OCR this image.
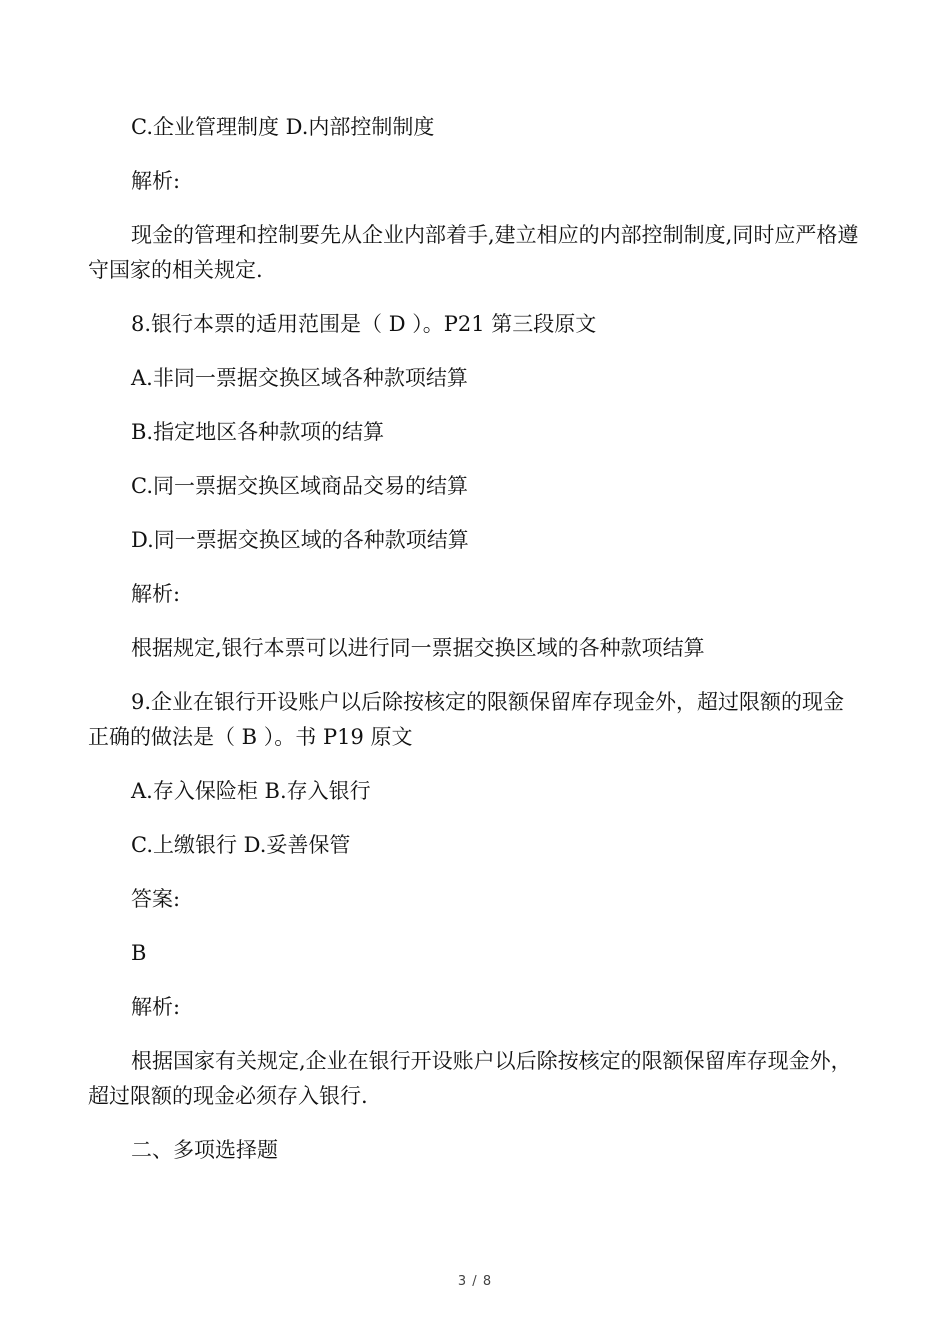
C.企业管理制度 D.内部控制制度

解析:

现金的管理和控制要先从企业内部着手,建立相应的内部控制制度,同时应严格遵守国家的相关规定.

8.银行本票的适用范围是（ D ）。P21 第三段原文

A.非同一票据交换区域各种款项结算

B.指定地区各种款项的结算

C.同一票据交换区域商品交易的结算

D.同一票据交换区域的各种款项结算

解析:

根据规定,银行本票可以进行同一票据交换区域的各种款项结算

9.企业在银行开设账户以后除按核定的限额保留库存现金外，超过限额的现金正确的做法是（ B ）。书 P19 原文

A.存入保险柜 B.存入银行

C.上缴银行 D.妥善保管

答案:

B

解析:

根据国家有关规定,企业在银行开设账户以后除按核定的限额保留库存现金外，超过限额的现金必须存入银行.

二、多项选择题

3 / 8
